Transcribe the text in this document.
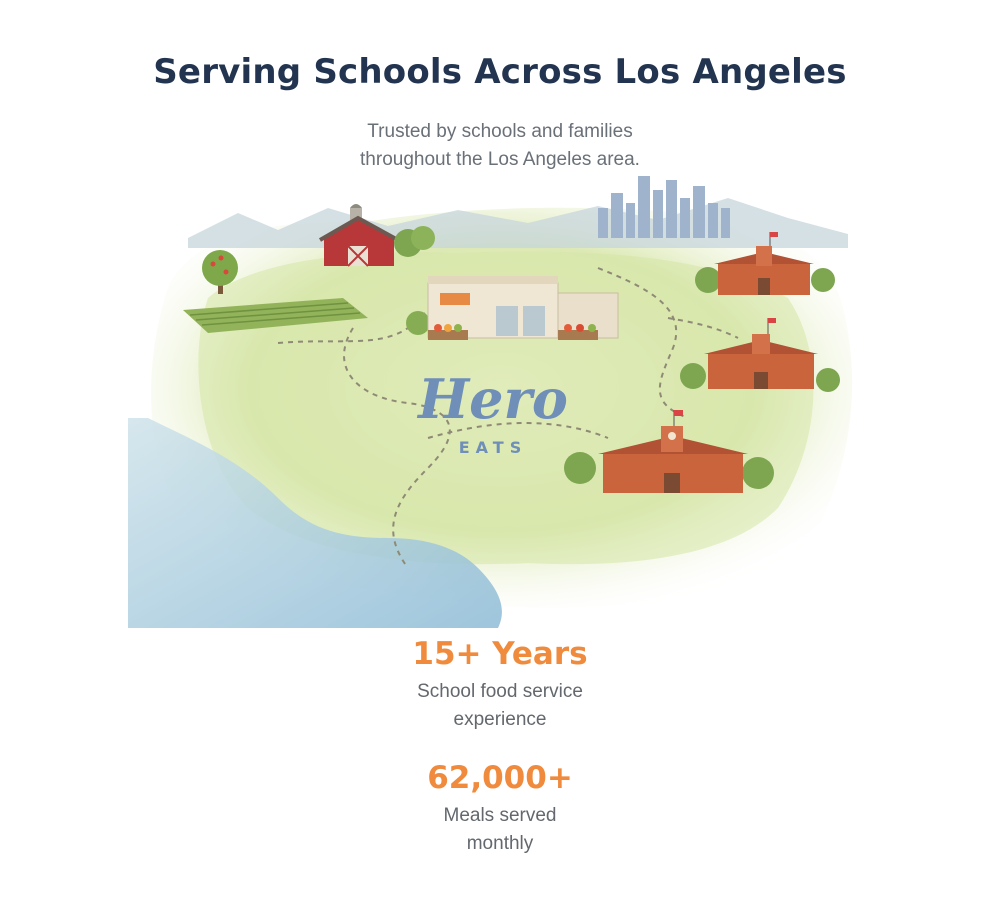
Serving Schools Across Los Angeles

Trusted by schools and families
throughout the Los Angeles area.

Hero
EATS
15+ Years
School food service
experience
62,000+
Meals served
monthly
